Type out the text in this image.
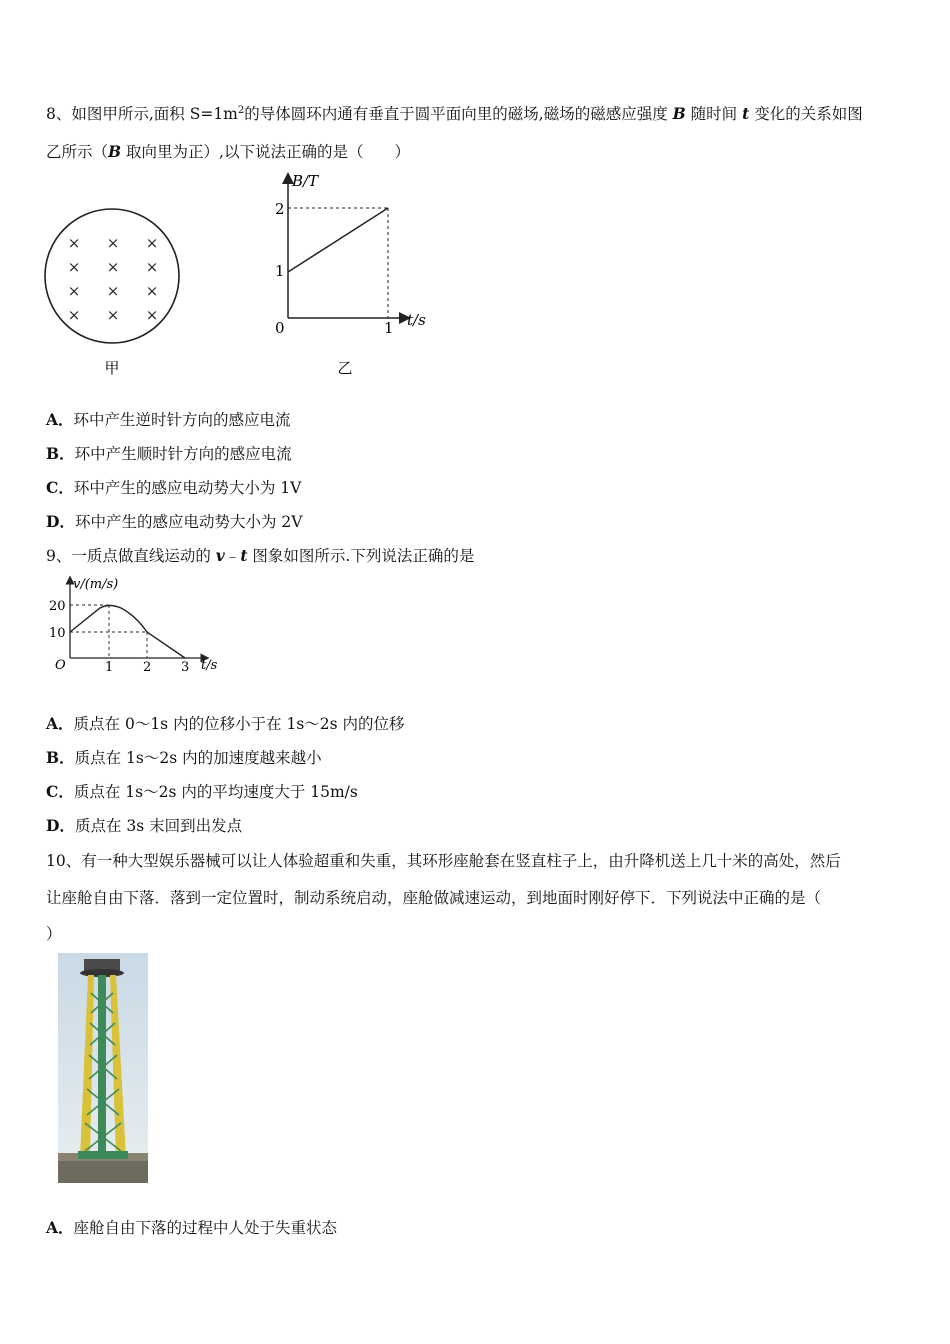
8、如图甲所示,面积 $S=1m^2$的导体圆环内通有垂直于圆平面向里的磁场,磁场的磁感应强度 B 随时间 t 变化的关系如图
乙所示（B 取向里为正）,以下说法正确的是（　　）
× × ×
× × ×
× × ×
× × ×
甲
B/T
t/s
2
1
0	1
乙
A．环中产生逆时针方向的感应电流
B．环中产生顺时针方向的感应电流
C．环中产生的感应电动势大小为 1V
D．环中产生的感应电动势大小为 2V
9、一质点做直线运动的 v﹣t 图象如图所示.下列说法正确的是
v/(m/s)
t/s
20
10
O	1 2 3
A．质点在 0～1s 内的位移小于在 1s～2s 内的位移
B．质点在 1s～2s 内的加速度越来越小
C．质点在 1s～2s 内的平均速度大于 15m/s
D．质点在 3s 末回到出发点
10、有一种大型娱乐器械可以让人体验超重和失重，其环形座舱套在竖直柱子上，由升降机送上几十米的高处，然后
让座舱自由下落．落到一定位置时，制动系统启动，座舱做减速运动，到地面时刚好停下．下列说法中正确的是（
）
A．座舱自由下落的过程中人处于失重状态
